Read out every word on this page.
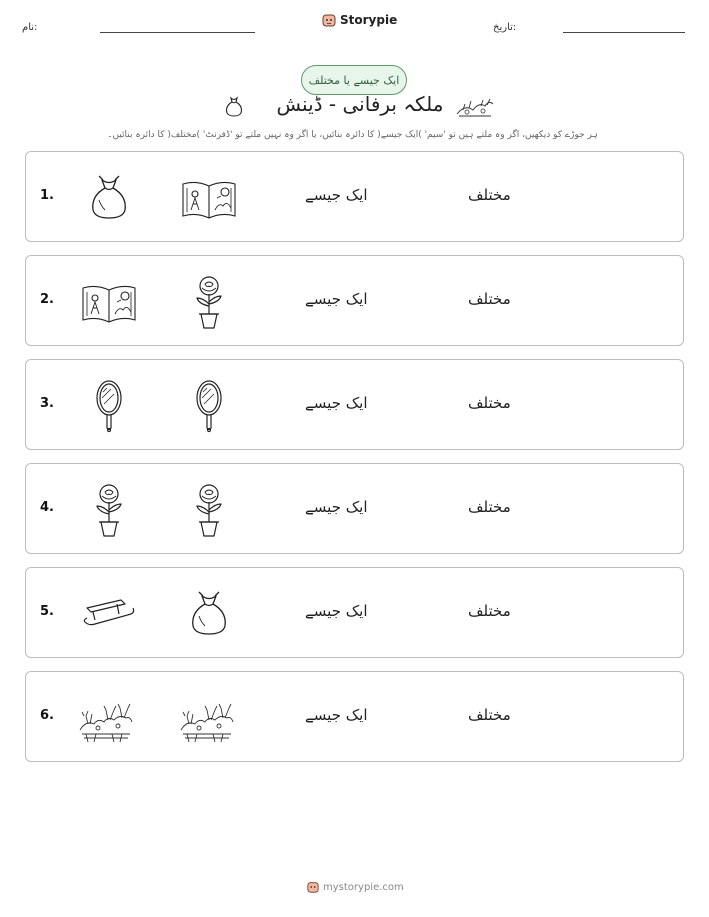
نام:
Storypie
تاریخ:
ایک جیسے یا مختلف
ملکہ برفانی - ڈینش
ہر جوڑے کو دیکھیں، اگر وہ ملتے ہیں تو 'سیم' )ایک جیسے( کا دائرہ بنائیں، یا اگر وہ نہیں ملتے تو 'ڈفرنٹ' )مختلف( کا دائرہ بنائیں۔
1.	ایک جیسے	مختلف
2.	ایک جیسے	مختلف
3.	ایک جیسے	مختلف
4.	ایک جیسے	مختلف
5.	ایک جیسے	مختلف
6.	ایک جیسے	مختلف
mystorypie.com
